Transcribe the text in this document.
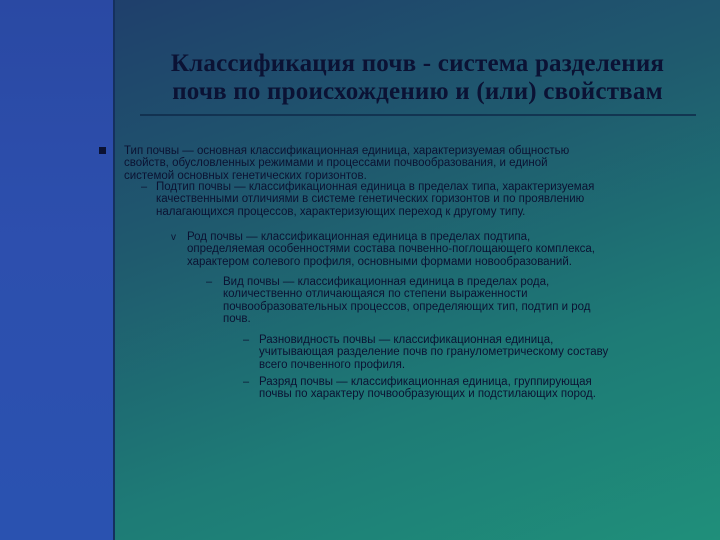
Классификация почв - система разделения
почв по происхождению и (или) свойствам
Тип почвы — основная классификационная единица, характеризуемая общностью
свойств, обусловленных режимами и процессами почвообразования, и единой
системой основных генетических горизонтов.
– Подтип почвы — классификационная единица в пределах типа, характеризуемая
качественными отличиями в системе генетических горизонтов и по проявлению
налагающихся процессов, характеризующих переход к другому типу.
v Род почвы — классификационная единица в пределах подтипа,
определяемая особенностями состава почвенно-поглощающего комплекса,
характером солевого профиля, основными формами новообразований.
– Вид почвы — классификационная единица в пределах рода,
количественно отличающаяся по степени выраженности
почвообразовательных процессов, определяющих тип, подтип и род
почв.
– Разновидность почвы — классификационная единица,
учитывающая разделение почв по гранулометрическому составу
всего почвенного профиля.
– Разряд почвы — классификационная единица, группирующая
почвы по характеру почвообразующих и подстилающих пород.
